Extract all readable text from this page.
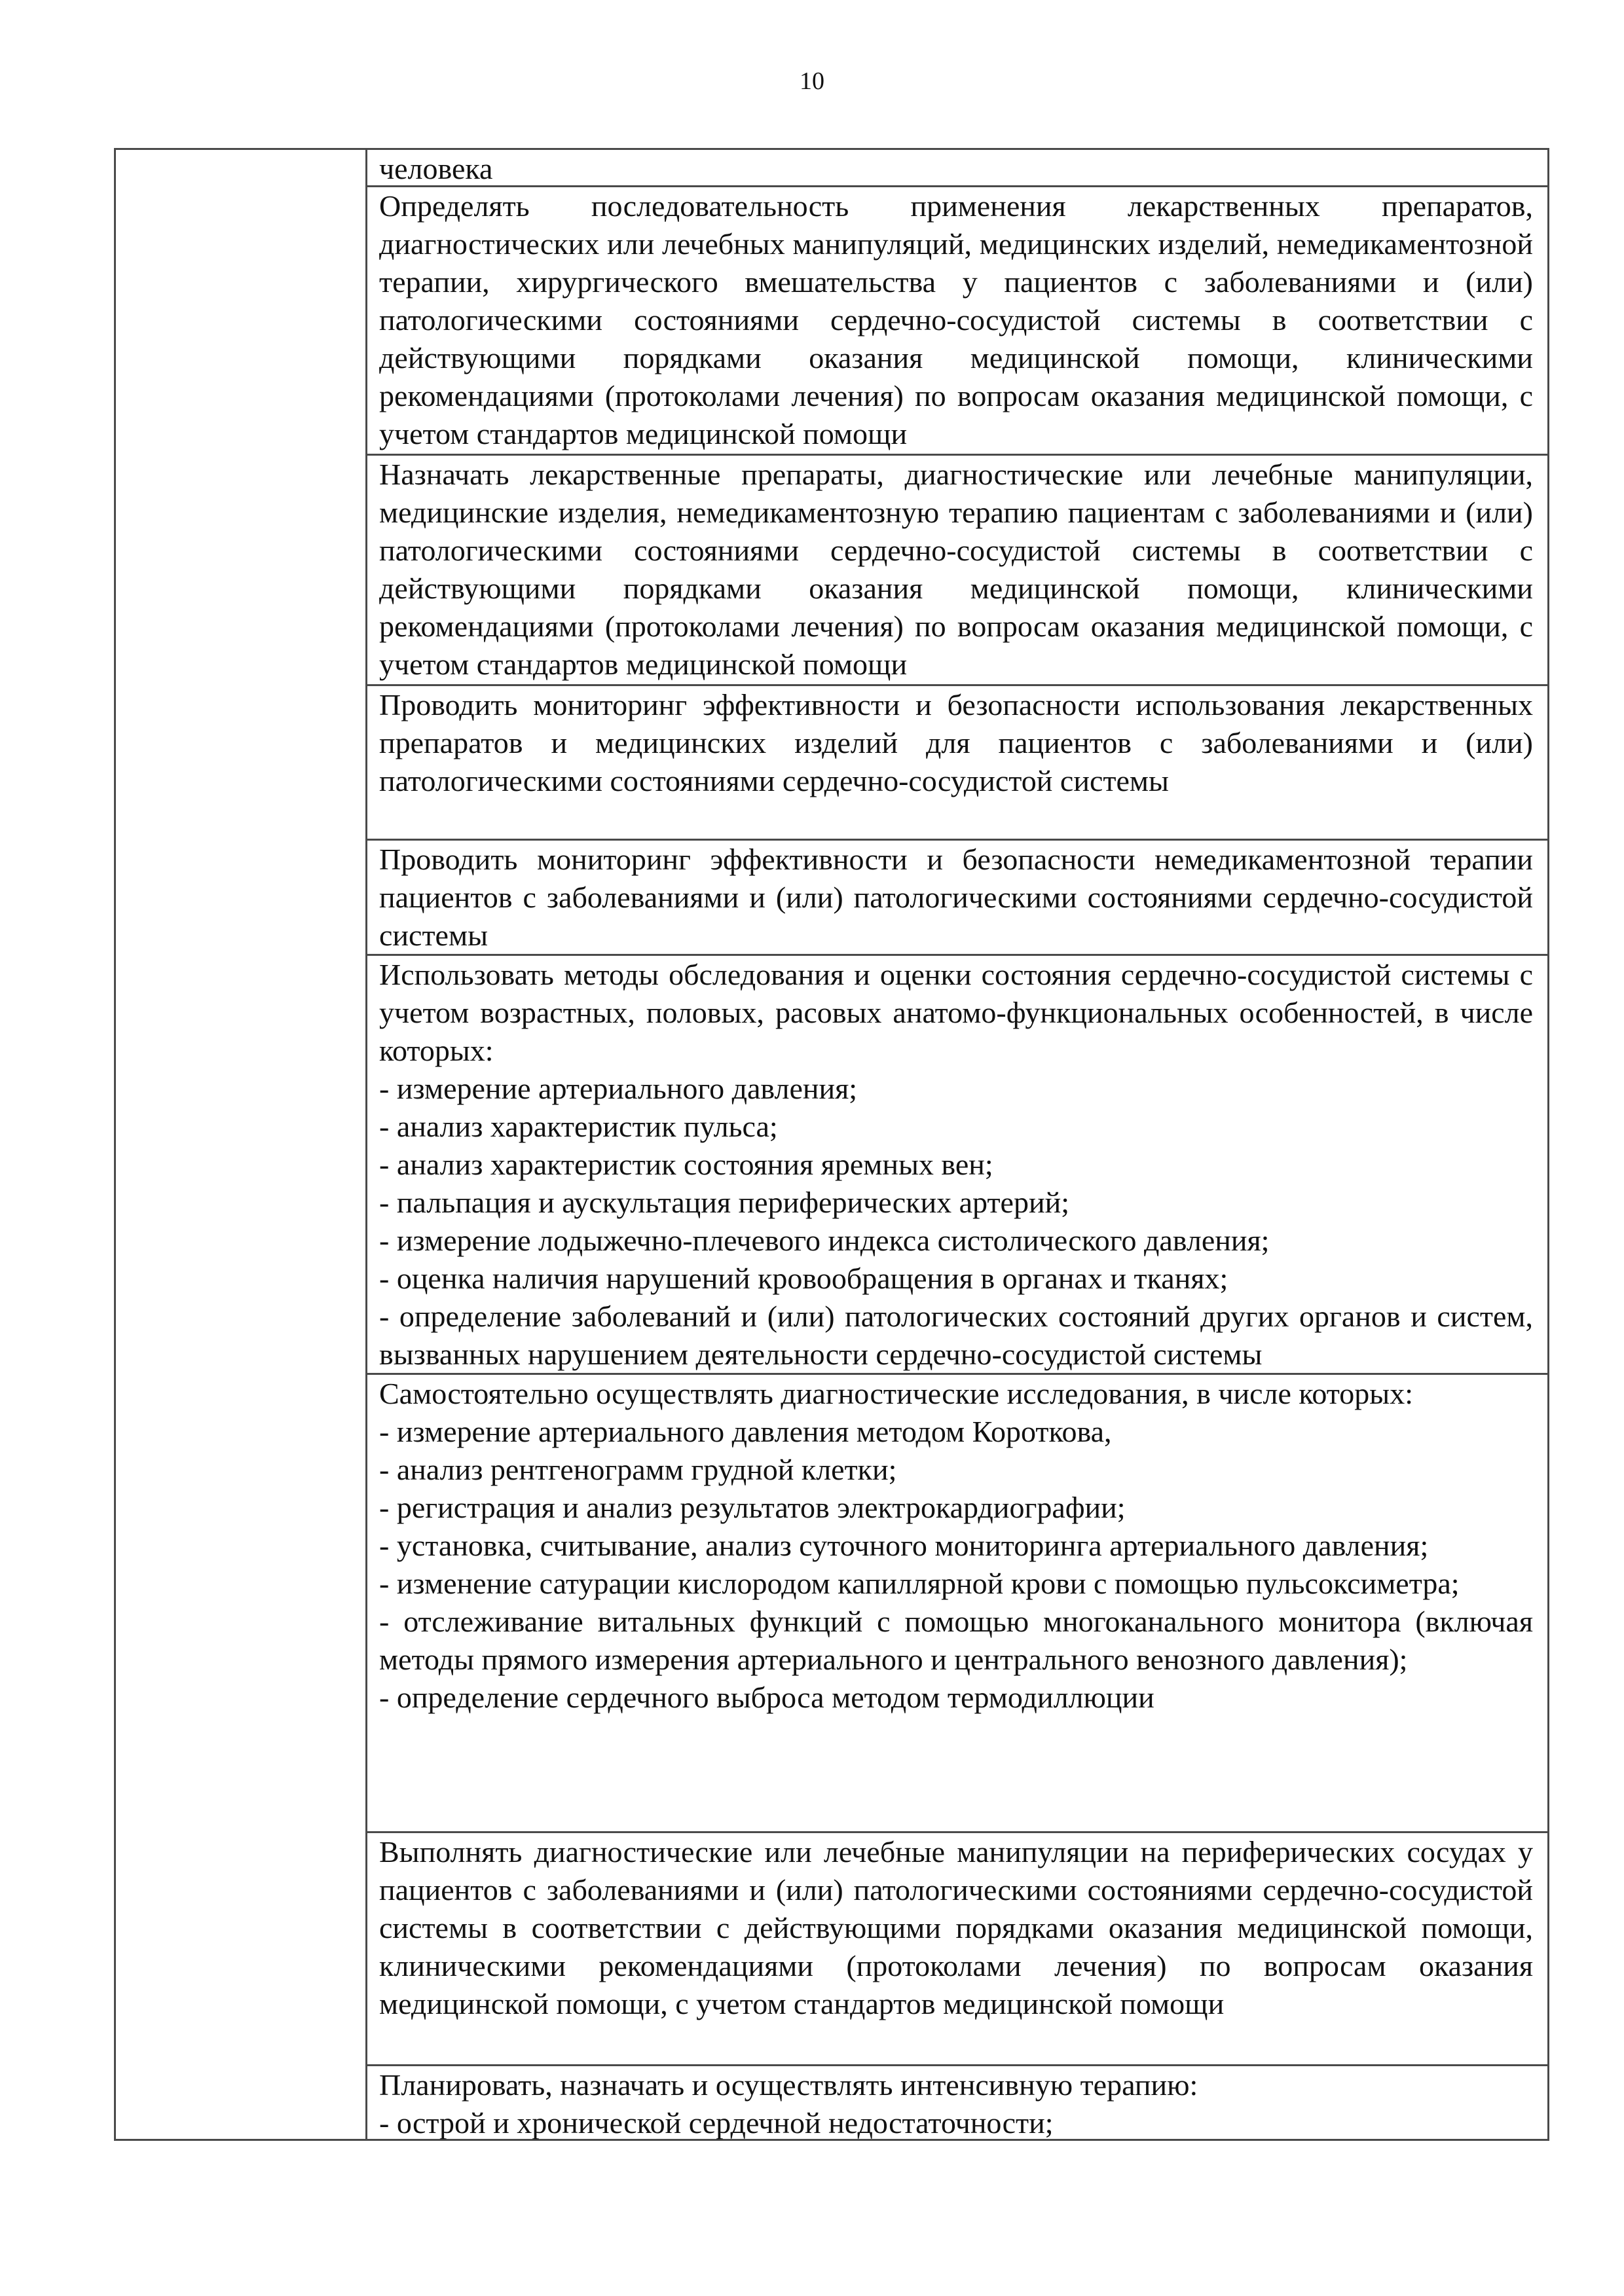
10

человека

Определять последовательность применения лекарственных препаратов, диагностических или лечебных манипуляций, медицинских изделий, немедикаментозной терапии, хирургического вмешательства у пациентов с заболеваниями и (или) патологическими состояниями сердечно-сосудистой системы в соответствии с действующими порядками оказания медицинской помощи, клиническими рекомендациями (протоколами лечения) по вопросам оказания медицинской помощи, с учетом стандартов медицинской помощи

Назначать лекарственные препараты, диагностические или лечебные манипуляции, медицинские изделия, немедикаментозную терапию пациентам с заболеваниями и (или) патологическими состояниями сердечно-сосудистой системы в соответствии с действующими порядками оказания медицинской помощи, клиническими рекомендациями (протоколами лечения) по вопросам оказания медицинской помощи, с учетом стандартов медицинской помощи

Проводить мониторинг эффективности и безопасности использования лекарственных препаратов и медицинских изделий для пациентов с заболеваниями и (или) патологическими состояниями сердечно-сосудистой системы

Проводить мониторинг эффективности и безопасности немедикаментозной терапии пациентов с заболеваниями и (или) патологическими состояниями сердечно-сосудистой системы

Использовать методы обследования и оценки состояния сердечно-сосудистой системы с учетом возрастных, половых, расовых анатомо-функциональных особенностей, в числе которых:

- измерение артериального давления;

- анализ характеристик пульса;

- анализ характеристик состояния яремных вен;

- пальпация и аускультация периферических артерий;

- измерение лодыжечно-плечевого индекса систолического давления;

- оценка наличия нарушений кровообращения в органах и тканях;

- определение заболеваний и (или) патологических состояний других органов и систем, вызванных нарушением деятельности сердечно-сосудистой системы

Самостоятельно осуществлять диагностические исследования, в числе которых:

- измерение артериального давления методом Короткова,

- анализ рентгенограмм грудной клетки;

- регистрация и анализ результатов электрокардиографии;

- установка, считывание, анализ суточного мониторинга артериального давления;

- изменение сатурации кислородом капиллярной крови с помощью пульсоксиметра;

- отслеживание витальных функций с помощью многоканального монитора (включая методы прямого измерения артериального и центрального венозного давления);

- определение сердечного выброса методом термодиллюции

Выполнять диагностические или лечебные манипуляции на периферических сосудах у пациентов с заболеваниями и (или) патологическими состояниями сердечно-сосудистой системы в соответствии с действующими порядками оказания медицинской помощи, клиническими рекомендациями (протоколами лечения) по вопросам оказания медицинской помощи, с учетом стандартов медицинской помощи

Планировать, назначать и осуществлять интенсивную терапию:

- острой и хронической сердечной недостаточности;
